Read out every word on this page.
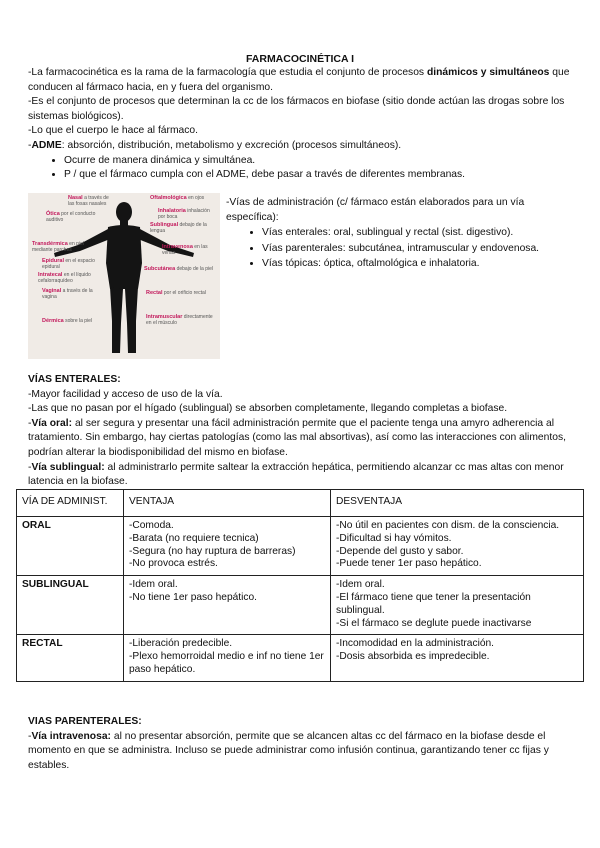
FARMACOCINÉTICA I

-La farmacocinética es la rama de la farmacología que estudia el conjunto de procesos dinámicos y simultáneos que conducen al fármaco hacia, en y fuera del organismo.

-Es el conjunto de procesos que determinan la cc de los fármacos en biofase (sitio donde actúan las drogas sobre los sistemas biológicos).

-Lo que el cuerpo le hace al fármaco.

-ADME: absorción, distribución, metabolismo y excreción (procesos simultáneos).

• Ocurre de manera dinámica y simultánea.
• P / que el fármaco cumpla con el ADME, debe pasar a través de diferentes membranas.
Nasal a través de las fosas nasales
Ótica por el conducto auditivo
Transdérmica en piel mediante parches
Epidural en el espacio epidural
Intratecal en el líquido cefalorraquídeo
Vaginal a través de la vagina
Dérmica sobre la piel
Oftalmológica en ojos
Inhalatoria inhalación por boca
Sublingual debajo de la lengua
Intravenosa en las venas
Subcutánea debajo de la piel
Rectal por el orificio rectal
Intramuscular directamente en el músculo

-Vías de administración (c/ fármaco están elaborados para un vía específica):

• Vías enterales: oral, sublingual y rectal (sist. digestivo).
• Vías parenterales: subcutánea, intramuscular y endovenosa.
• Vías tópicas: óptica, oftalmológica e inhalatoria.

VÍAS ENTERALES:

-Mayor facilidad y acceso de uso de la vía.

-Las que no pasan por el hígado (sublingual) se absorben completamente, llegando completas a biofase.

-Vía oral: al ser segura y presentar una fácil administración permite que el paciente tenga una amyro adherencia al tratamiento. Sin embargo, hay ciertas patologías (como las mal absortivas), así como las interacciones con alimentos, podrían alterar la biodisponibilidad del mismo en biofase.

-Vía sublingual: al administrarlo permite saltear la extracción hepática, permitiendo alcanzar cc mas altas con menor latencia en la biofase.

VÍA DE ADMINIST.	VENTAJA	DESVENTAJA
ORAL	-Comoda.
-Barata (no requiere tecnica)
-Segura (no hay ruptura de barreras)
-No provoca estrés.	-No útil en pacientes con dism. de la consciencia.
-Dificultad si hay vómitos.
-Depende del gusto y sabor.
-Puede tener 1er paso hepático.

SUBLINGUAL	-Idem oral.
-No tiene 1er paso hepático.	-Idem oral.
-El fármaco tiene que tener la presentación sublingual.
-Si el fármaco se deglute puede inactivarse

RECTAL	-Liberación predecible.
-Plexo hemorroidal medio e inf no tiene 1er paso hepático.	-Incomodidad en la administración.
-Dosis absorbida es impredecible.

VIAS PARENTERALES:

-Vía intravenosa: al no presentar absorción, permite que se alcancen altas cc del fármaco en la biofase desde el momento en que se administra. Incluso se puede administrar como infusión continua, garantizando tener cc fijas y estables.
